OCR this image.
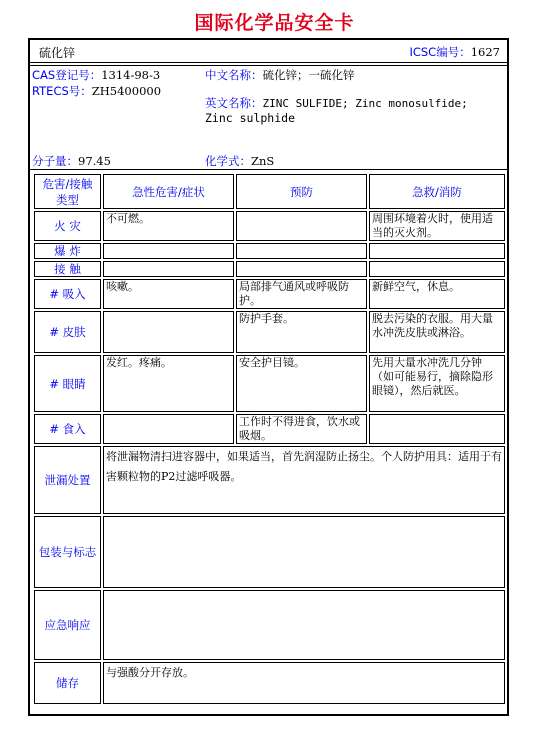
国际化学品安全卡
硫化锌	ICSC编号：1627
CAS登记号：1314-98-3
RTECS号：ZH5400000
中文名称：硫化锌；一硫化锌
英文名称：ZINC SULFIDE; Zinc monosulfide;
Zinc sulphide
分子量：97.45	化学式：ZnS
危害/接触类型	急性危害/症状	预防	急救/消防
火 灾	不可燃。		周围环境着火时，使用适当的灭火剂。
爆 炸			
接 触			
# 吸入	咳嗽。	局部排气通风或呼吸防护。	新鲜空气，休息。
# 皮肤		防护手套。	脱去污染的衣服。用大量水冲洗皮肤或淋浴。
# 眼睛	发红。疼痛。	安全护目镜。	先用大量水冲洗几分钟（如可能易行，摘除隐形眼镜），然后就医。
# 食入		工作时不得进食，饮水或吸烟。	
泄漏处置	将泄漏物清扫进容器中，如果适当，首先润湿防止扬尘。个人防护用具：适用于有害颗粒物的P2过滤呼吸器。		
包装与标志			
应急响应			
储存	与强酸分开存放。		
